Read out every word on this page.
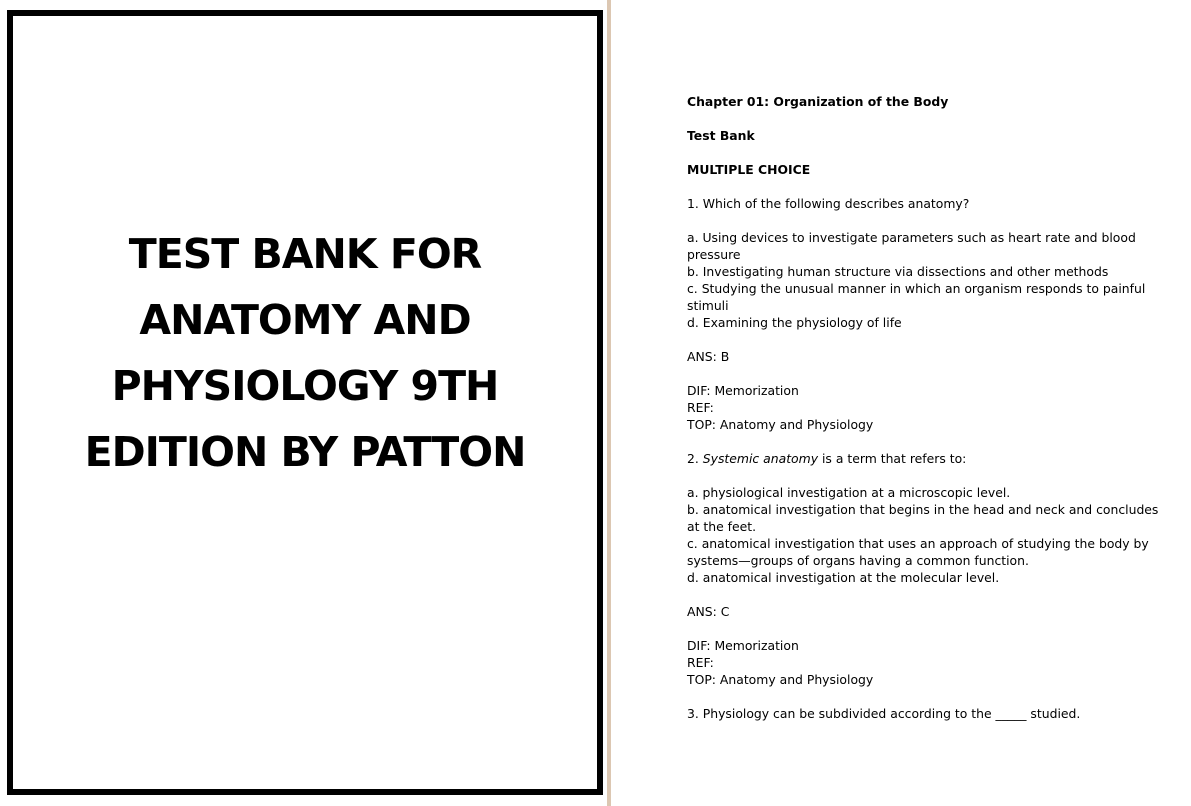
TEST BANK FOR
ANATOMY AND
PHYSIOLOGY 9TH
EDITION BY PATTON

Chapter 01: Organization of the Body

Test Bank

MULTIPLE CHOICE

1. Which of the following describes anatomy?

a. Using devices to investigate parameters such as heart rate and blood pressure
b. Investigating human structure via dissections and other methods
c. Studying the unusual manner in which an organism responds to painful stimuli
d. Examining the physiology of life

ANS: B

DIF: Memorization
REF:
TOP: Anatomy and Physiology

2. Systemic anatomy is a term that refers to:

a. physiological investigation at a microscopic level.
b. anatomical investigation that begins in the head and neck and concludes at the feet.
c. anatomical investigation that uses an approach of studying the body by systems—groups of organs having a common function.
d. anatomical investigation at the molecular level.

ANS: C

DIF: Memorization
REF:
TOP: Anatomy and Physiology

3. Physiology can be subdivided according to the _____ studied.
